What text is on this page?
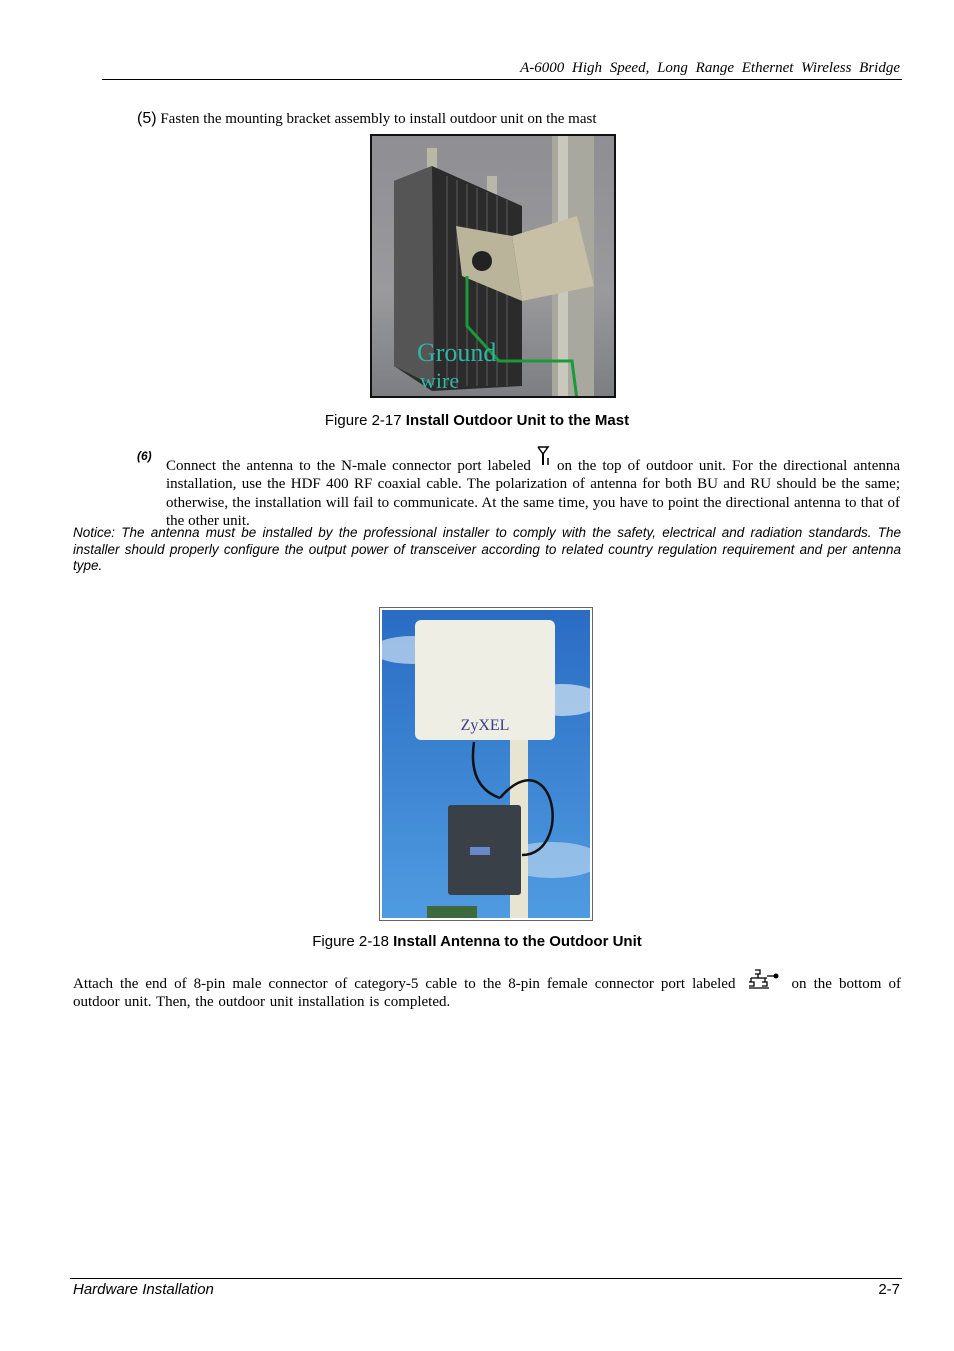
A-6000 High Speed, Long Range Ethernet Wireless Bridge
(5) Fasten the mounting bracket assembly to install outdoor unit on the mast
Ground
wire
Figure 2-17 Install Outdoor Unit to the Mast
(6)
Connect the antenna to the N-male connector port labeled on the top of outdoor unit. For the directional antenna installation, use the HDF 400 RF coaxial cable. The polarization of antenna for both BU and RU should be the same; otherwise, the installation will fail to communicate. At the same time, you have to point the directional antenna to that of the other unit.
Notice: The antenna must be installed by the professional installer to comply with the safety, electrical and radiation standards. The installer should properly configure the output power of transceiver according to related country regulation requirement and per antenna type.
ZyXEL
Figure 2-18 Install Antenna to the Outdoor Unit
Attach the end of 8-pin male connector of category-5 cable to the 8-pin female connector port labeled	on the bottom of outdoor unit. Then, the outdoor unit installation is completed.
Hardware Installation	2-7
